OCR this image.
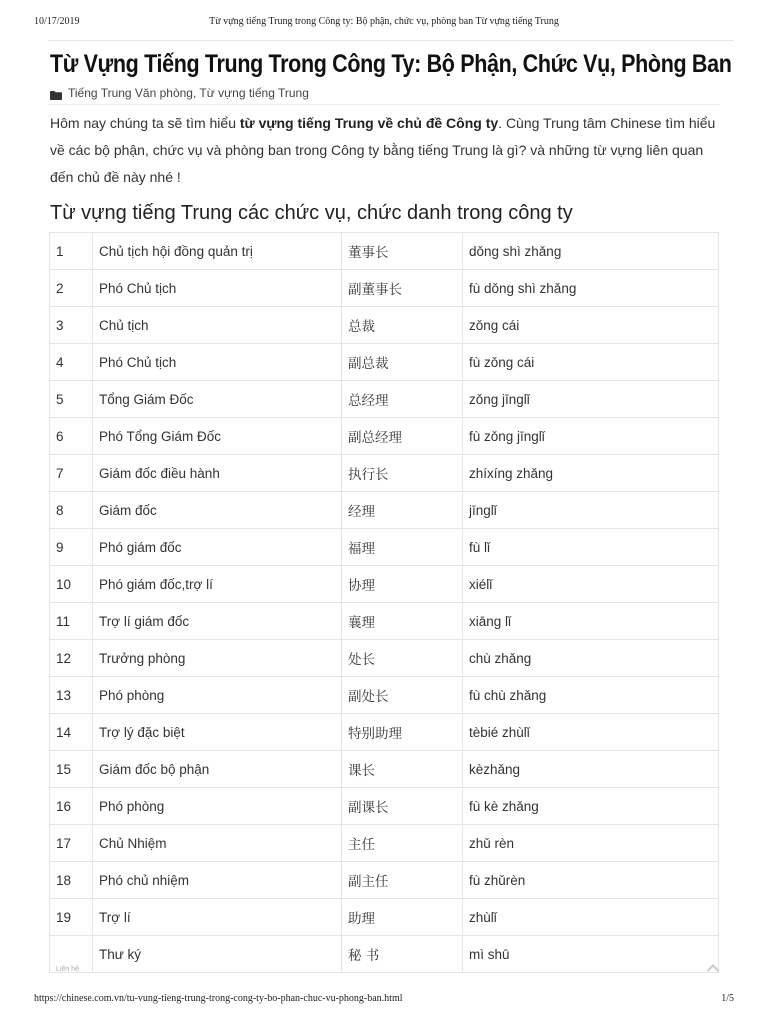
10/17/2019	Từ vựng tiếng Trung trong Công ty: Bộ phận, chức vụ, phòng ban Từ vựng tiếng Trung
Từ Vựng Tiếng Trung Trong Công Ty: Bộ Phận, Chức Vụ, Phòng Ban
Tiếng Trung Văn phòng, Từ vựng tiếng Trung

Hôm nay chúng ta sẽ tìm hiểu từ vựng tiếng Trung về chủ đề Công ty. Cùng Trung tâm Chinese tìm hiểu về các bộ phận, chức vụ và phòng ban trong Công ty bằng tiếng Trung là gì? và những từ vựng liên quan đến chủ đề này nhé !

Từ vựng tiếng Trung các chức vụ, chức danh trong công ty
1	Chủ tịch hội đồng quản trị	董事长	dǒng shì zhǎng
2	Phó Chủ tịch	副董事长	fù dǒng shì zhǎng
3	Chủ tịch	总裁	zǒng cái
4	Phó Chủ tịch	副总裁	fù zǒng cái
5	Tổng Giám Đốc	总经理	zǒng jīnglǐ
6	Phó Tổng Giám Đốc	副总经理	fù zǒng jīnglǐ
7	Giám đốc điều hành	执行长	zhíxíng zhǎng
8	Giám đốc	经理	jīnglǐ
9	Phó giám đốc	福理	fù lǐ
10	Phó giám đốc,trợ lí	协理	xiélǐ
11	Trợ lí giám đốc	襄理	xiāng lǐ
12	Trưởng phòng	处长	chù zhǎng
13	Phó phòng	副处长	fù chù zhǎng
14	Trợ lý đặc biệt	特别助理	tèbié zhùlǐ
15	Giám đốc bộ phận	课长	kèzhǎng
16	Phó phòng	副课长	fù kè zhǎng
17	Chủ Nhiệm	主任	zhǔ rèn
18	Phó chủ nhiệm	副主任	fù zhǔrèn
19	Trợ lí	助理	zhùlǐ
	Thư ký	秘 书	mì shū
Liên hệ
https://chinese.com.vn/tu-vung-tieng-trung-trong-cong-ty-bo-phan-chuc-vu-phong-ban.html	1/5
